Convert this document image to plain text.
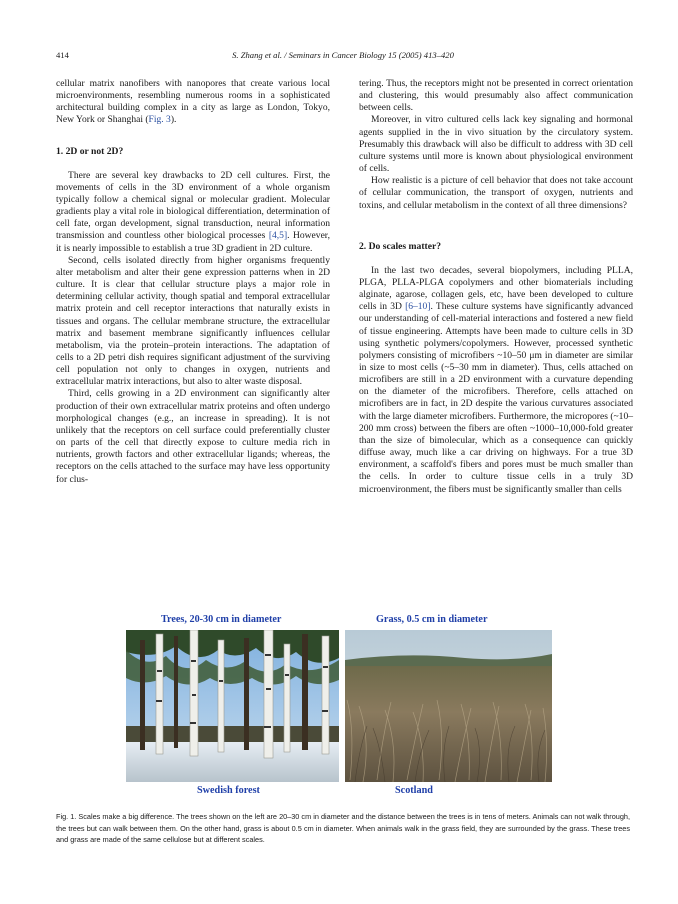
414	S. Zhang et al. / Seminars in Cancer Biology 15 (2005) 413–420

cellular matrix nanofibers with nanopores that create various local microenvironments, resembling numerous rooms in a sophisticated architectural building complex in a city as large as London, Tokyo, New York or Shanghai (Fig. 3).

1. 2D or not 2D?

There are several key drawbacks to 2D cell cultures. First, the movements of cells in the 3D environment of a whole organism typically follow a chemical signal or molecular gradient. Molecular gradients play a vital role in biological differentiation, determination of cell fate, organ development, signal transduction, neural information transmission and countless other biological processes [4,5]. However, it is nearly impossible to establish a true 3D gradient in 2D culture.

Second, cells isolated directly from higher organisms frequently alter metabolism and alter their gene expression patterns when in 2D culture. It is clear that cellular structure plays a major role in determining cellular activity, though spatial and temporal extracellular matrix protein and cell receptor interactions that naturally exists in tissues and organs. The cellular membrane structure, the extracellular matrix and basement membrane significantly influences cellular metabolism, via the protein–protein interactions. The adaptation of cells to a 2D petri dish requires significant adjustment of the surviving cell population not only to changes in oxygen, nutrients and extracellular matrix interactions, but also to alter waste disposal.

Third, cells growing in a 2D environment can significantly alter production of their own extracellular matrix proteins and often undergo morphological changes (e.g., an increase in spreading). It is not unlikely that the receptors on cell surface could preferentially cluster on parts of the cell that directly expose to culture media rich in nutrients, growth factors and other extracellular ligands; whereas, the receptors on the cells attached to the surface may have less opportunity for clus-

tering. Thus, the receptors might not be presented in correct orientation and clustering, this would presumably also affect communication between cells.

Moreover, in vitro cultured cells lack key signaling and hormonal agents supplied in the in vivo situation by the circulatory system. Presumably this drawback will also be difficult to address with 3D cell culture systems until more is known about physiological environment of cells.

How realistic is a picture of cell behavior that does not take account of cellular communication, the transport of oxygen, nutrients and toxins, and cellular metabolism in the context of all three dimensions?

2. Do scales matter?

In the last two decades, several biopolymers, including PLLA, PLGA, PLLA-PLGA copolymers and other biomaterials including alginate, agarose, collagen gels, etc, have been developed to culture cells in 3D [6–10]. These culture systems have significantly advanced our understanding of cell-material interactions and fostered a new field of tissue engineering. Attempts have been made to culture cells in 3D using synthetic polymers/copolymers. However, processed synthetic polymers consisting of microfibers ~10–50 μm in diameter are similar in size to most cells (~5–30 mm in diameter). Thus, cells attached on microfibers are still in a 2D environment with a curvature depending on the diameter of the microfibers. Therefore, cells attached on microfibers are in fact, in 2D despite the various curvatures associated with the large diameter microfibers. Furthermore, the micropores (~10–200 mm cross) between the fibers are often ~1000–10,000-fold greater than the size of bimolecular, which as a consequence can quickly diffuse away, much like a car driving on highways. For a true 3D environment, a scaffold's fibers and pores must be much smaller than the cells. In order to culture tissue cells in a truly 3D microenvironment, the fibers must be significantly smaller than cells

Trees, 20-30 cm in diameter	Grass, 0.5 cm in diameter
Swedish forest	Scotland
Fig. 1. Scales make a big difference. The trees shown on the left are 20–30 cm in diameter and the distance between the trees is in tens of meters. Animals can not walk through, the trees but can walk between them. On the other hand, grass is about 0.5 cm in diameter. When animals walk in the grass field, they are surrounded by the grass. These trees and grass are made of the same cellulose but at different scales.
